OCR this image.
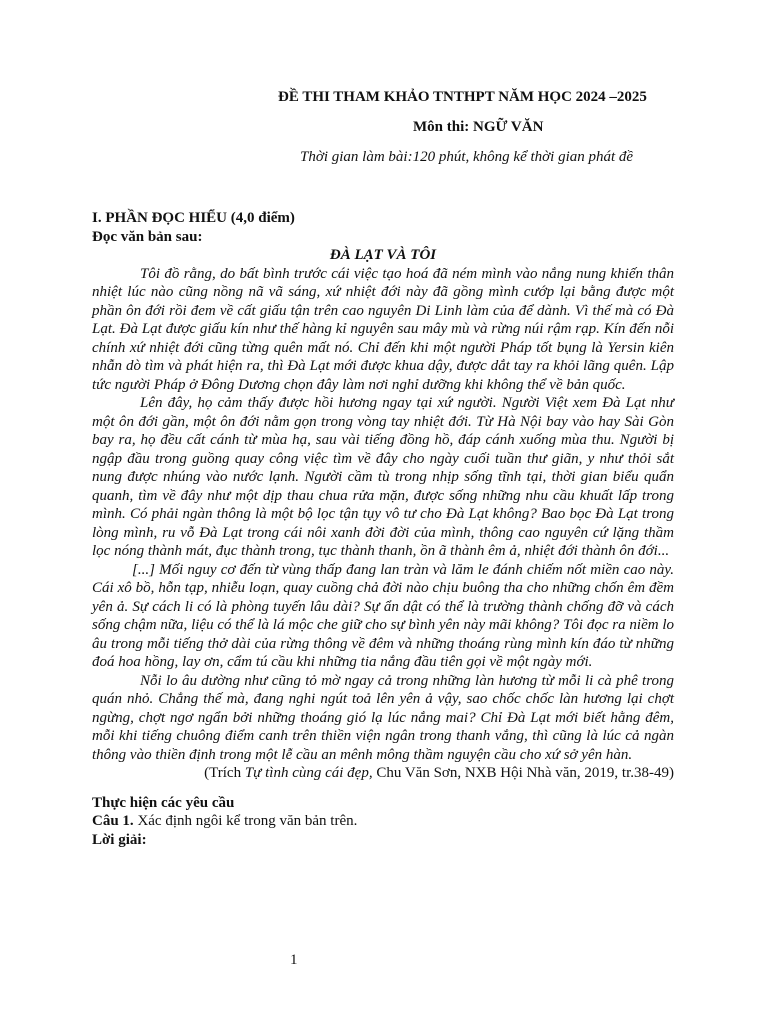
ĐỀ THI THAM KHẢO TNTHPT NĂM HỌC 2024 –2025
Môn thi: NGỮ VĂN
Thời gian làm bài:120 phút, không kể thời gian phát đề

I. PHẦN ĐỌC HIỂU (4,0 điểm)

Đọc văn bản sau:

ĐÀ LẠT VÀ TÔI

Tôi đồ rằng, do bất bình trước cái việc tạo hoá đã ném mình vào nắng nung khiến thân nhiệt lúc nào cũng nồng nã vã sáng, xứ nhiệt đới này đã gồng mình cướp lại bằng được một phần ôn đới rồi đem về cất giấu tận trên cao nguyên Di Linh làm của để dành. Vì thế mà có Đà Lạt. Đà Lạt được giấu kín như thế hàng kỉ nguyên sau mây mù và rừng núi rậm rạp. Kín đến nỗi chính xứ nhiệt đới cũng từng quên mất nó. Chỉ đến khi một người Pháp tốt bụng là Yersin kiên nhẫn dò tìm và phát hiện ra, thì Đà Lạt mới được khua dậy, được dắt tay ra khỏi lãng quên. Lập tức người Pháp ở Đông Dương chọn đây làm nơi nghỉ dưỡng khi không thể về bản quốc.

Lên đây, họ cảm thấy được hồi hương ngay tại xứ người. Người Việt xem Đà Lạt như một ôn đới gần, một ôn đới nằm gọn trong vòng tay nhiệt đới. Từ Hà Nội bay vào hay Sài Gòn bay ra, họ đều cất cánh từ mùa hạ, sau vài tiếng đồng hồ, đáp cánh xuống mùa thu. Người bị ngập đầu trong guồng quay công việc tìm về đây cho ngày cuối tuần thư giãn, y như thỏi sắt nung được nhúng vào nước lạnh. Người cầm tù trong nhịp sống tĩnh tại, thời gian biểu quẩn quanh, tìm về đây như một dịp thau chua rửa mặn, được sống những nhu cầu khuất lấp trong mình. Có phải ngàn thông là một bộ lọc tận tụy vô tư cho Đà Lạt không? Bao bọc Đà Lạt trong lòng mình, ru vỗ Đà Lạt trong cái nôi xanh đời đời của mình, thông cao nguyên cứ lặng thầm lọc nóng thành mát, đục thành trong, tục thành thanh, ồn ã thành êm ả, nhiệt đới thành ôn đới...

[...] Mối nguy cơ đến từ vùng thấp đang lan tràn và lăm le đánh chiếm nốt miền cao này. Cái xô bồ, hỗn tạp, nhiễu loạn, quay cuồng chả đời nào chịu buông tha cho những chốn êm đềm yên ả. Sự cách li có là phòng tuyến lâu dài? Sự ẩn dật có thể là trường thành chống đỡ và cách sống chậm nữa, liệu có thể là lá mộc che giữ cho sự bình yên này mãi không? Tôi đọc ra niềm lo âu trong mỗi tiếng thở dài của rừng thông về đêm và những thoáng rùng mình kín đáo từ những đoá hoa hồng, lay ơn, cẩm tú cầu khi những tia nắng đầu tiên gọi về một ngày mới.

Nỗi lo âu dường như cũng tỏ mờ ngay cả trong những làn hương từ mỗi li cà phê trong quán nhỏ. Chẳng thế mà, đang nghi ngút toả lên yên ả vậy, sao chốc chốc làn hương lại chợt ngừng, chợt ngơ ngẩn bởi những thoáng gió lạ lúc nắng mai? Chỉ Đà Lạt mới biết hằng đêm, mỗi khi tiếng chuông điểm canh trên thiền viện ngân trong thanh vắng, thì cũng là lúc cả ngàn thông vào thiền định trong một lễ cầu an mênh mông thầm nguyện cầu cho xứ sở yên hàn.

(Trích Tự tình cùng cái đẹp, Chu Văn Sơn, NXB Hội Nhà văn, 2019, tr.38-49)

Thực hiện các yêu cầu

Câu 1. Xác định ngôi kể trong văn bản trên.

Lời giải:

1
